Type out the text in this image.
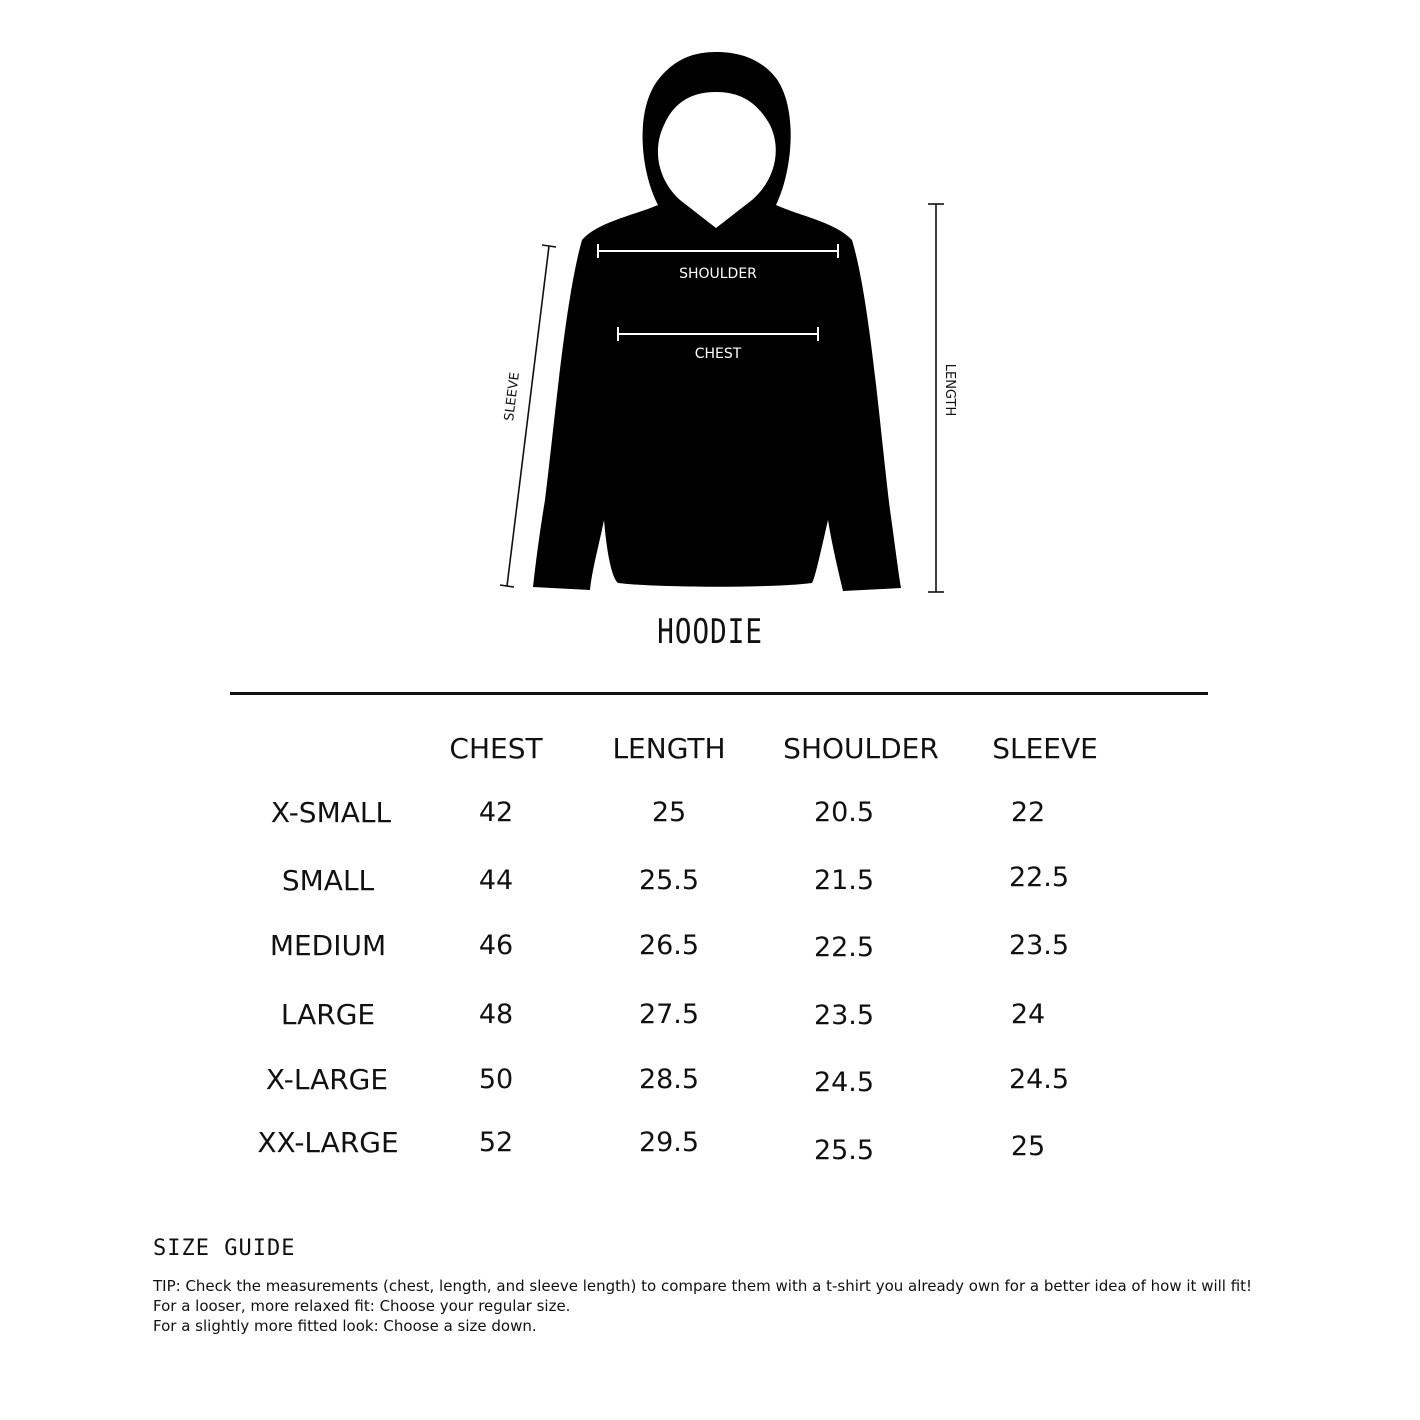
SHOULDER
CHEST
SLEEVE	LENGTH
HOODIE
CHEST LENGTH SHOULDER SLEEVE
X-SMALL	42	25	20.5	22
SMALL	44	25.5	21.5	22.5
MEDIUM	46	26.5	22.5	23.5
LARGE	48	27.5	23.5	24
X-LARGE	50	28.5	24.5	24.5
XX-LARGE	52	29.5	25.5	25
SIZE GUIDE
TIP: Check the measurements (chest, length, and sleeve length) to compare them with a t-shirt you already own for a better idea of how it will fit!
For a looser, more relaxed fit: Choose your regular size.
For a slightly more fitted look: Choose a size down.
